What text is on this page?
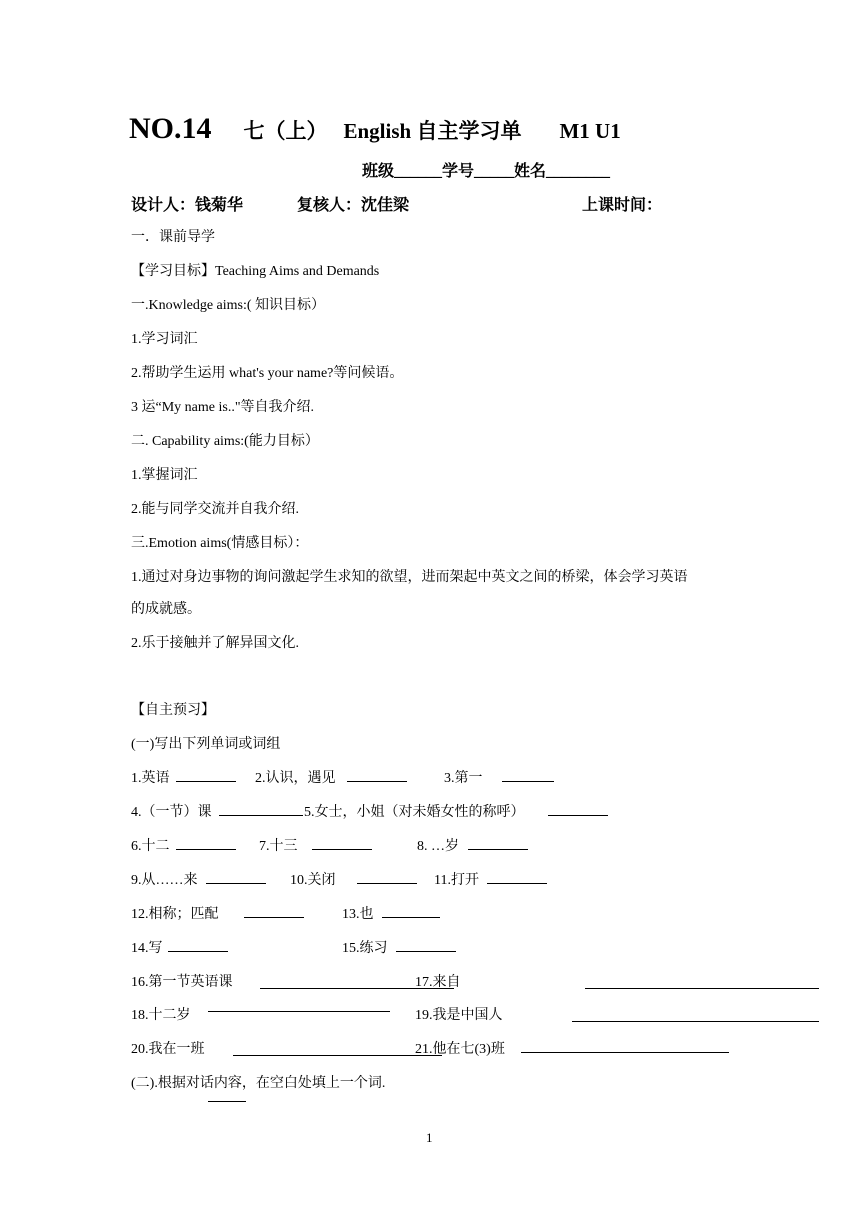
NO.14 七（上） English 自主学习单 M1 U1
班级______学号_____姓名________
设计人：钱菊华	复核人：沈佳梁	上课时间：
一．课前导学
【学习目标】Teaching Aims and Demands
一.Knowledge aims:( 知识目标）
1.学习词汇
2.帮助学生运用 what's your name?等问候语。
3 运“My name is.."等自我介绍.
二. Capability aims:(能力目标）
1.掌握词汇
2.能与同学交流并自我介绍.
三.Emotion aims(情感目标）：
1.通过对身边事物的询问激起学生求知的欲望，进而架起中英文之间的桥梁，体会学习英语
的成就感。
2.乐于接触并了解异国文化.
【自主预习】
(一)写出下列单词或词组
1.英语	2.认识，遇见	3.第一
4.（一节）课	5.女士，小姐（对未婚女性的称呼）
6.十二	7.十三	8. …岁
9.从……来	10.关闭	11.打开
12.相称；匹配	13.也
14.写	15.练习
16.第一节英语课	17.来自
18.十二岁	19.我是中国人
20.我在一班	21.他在七(3)班
(二).根据对话内容，在空白处填上一个词.
1
